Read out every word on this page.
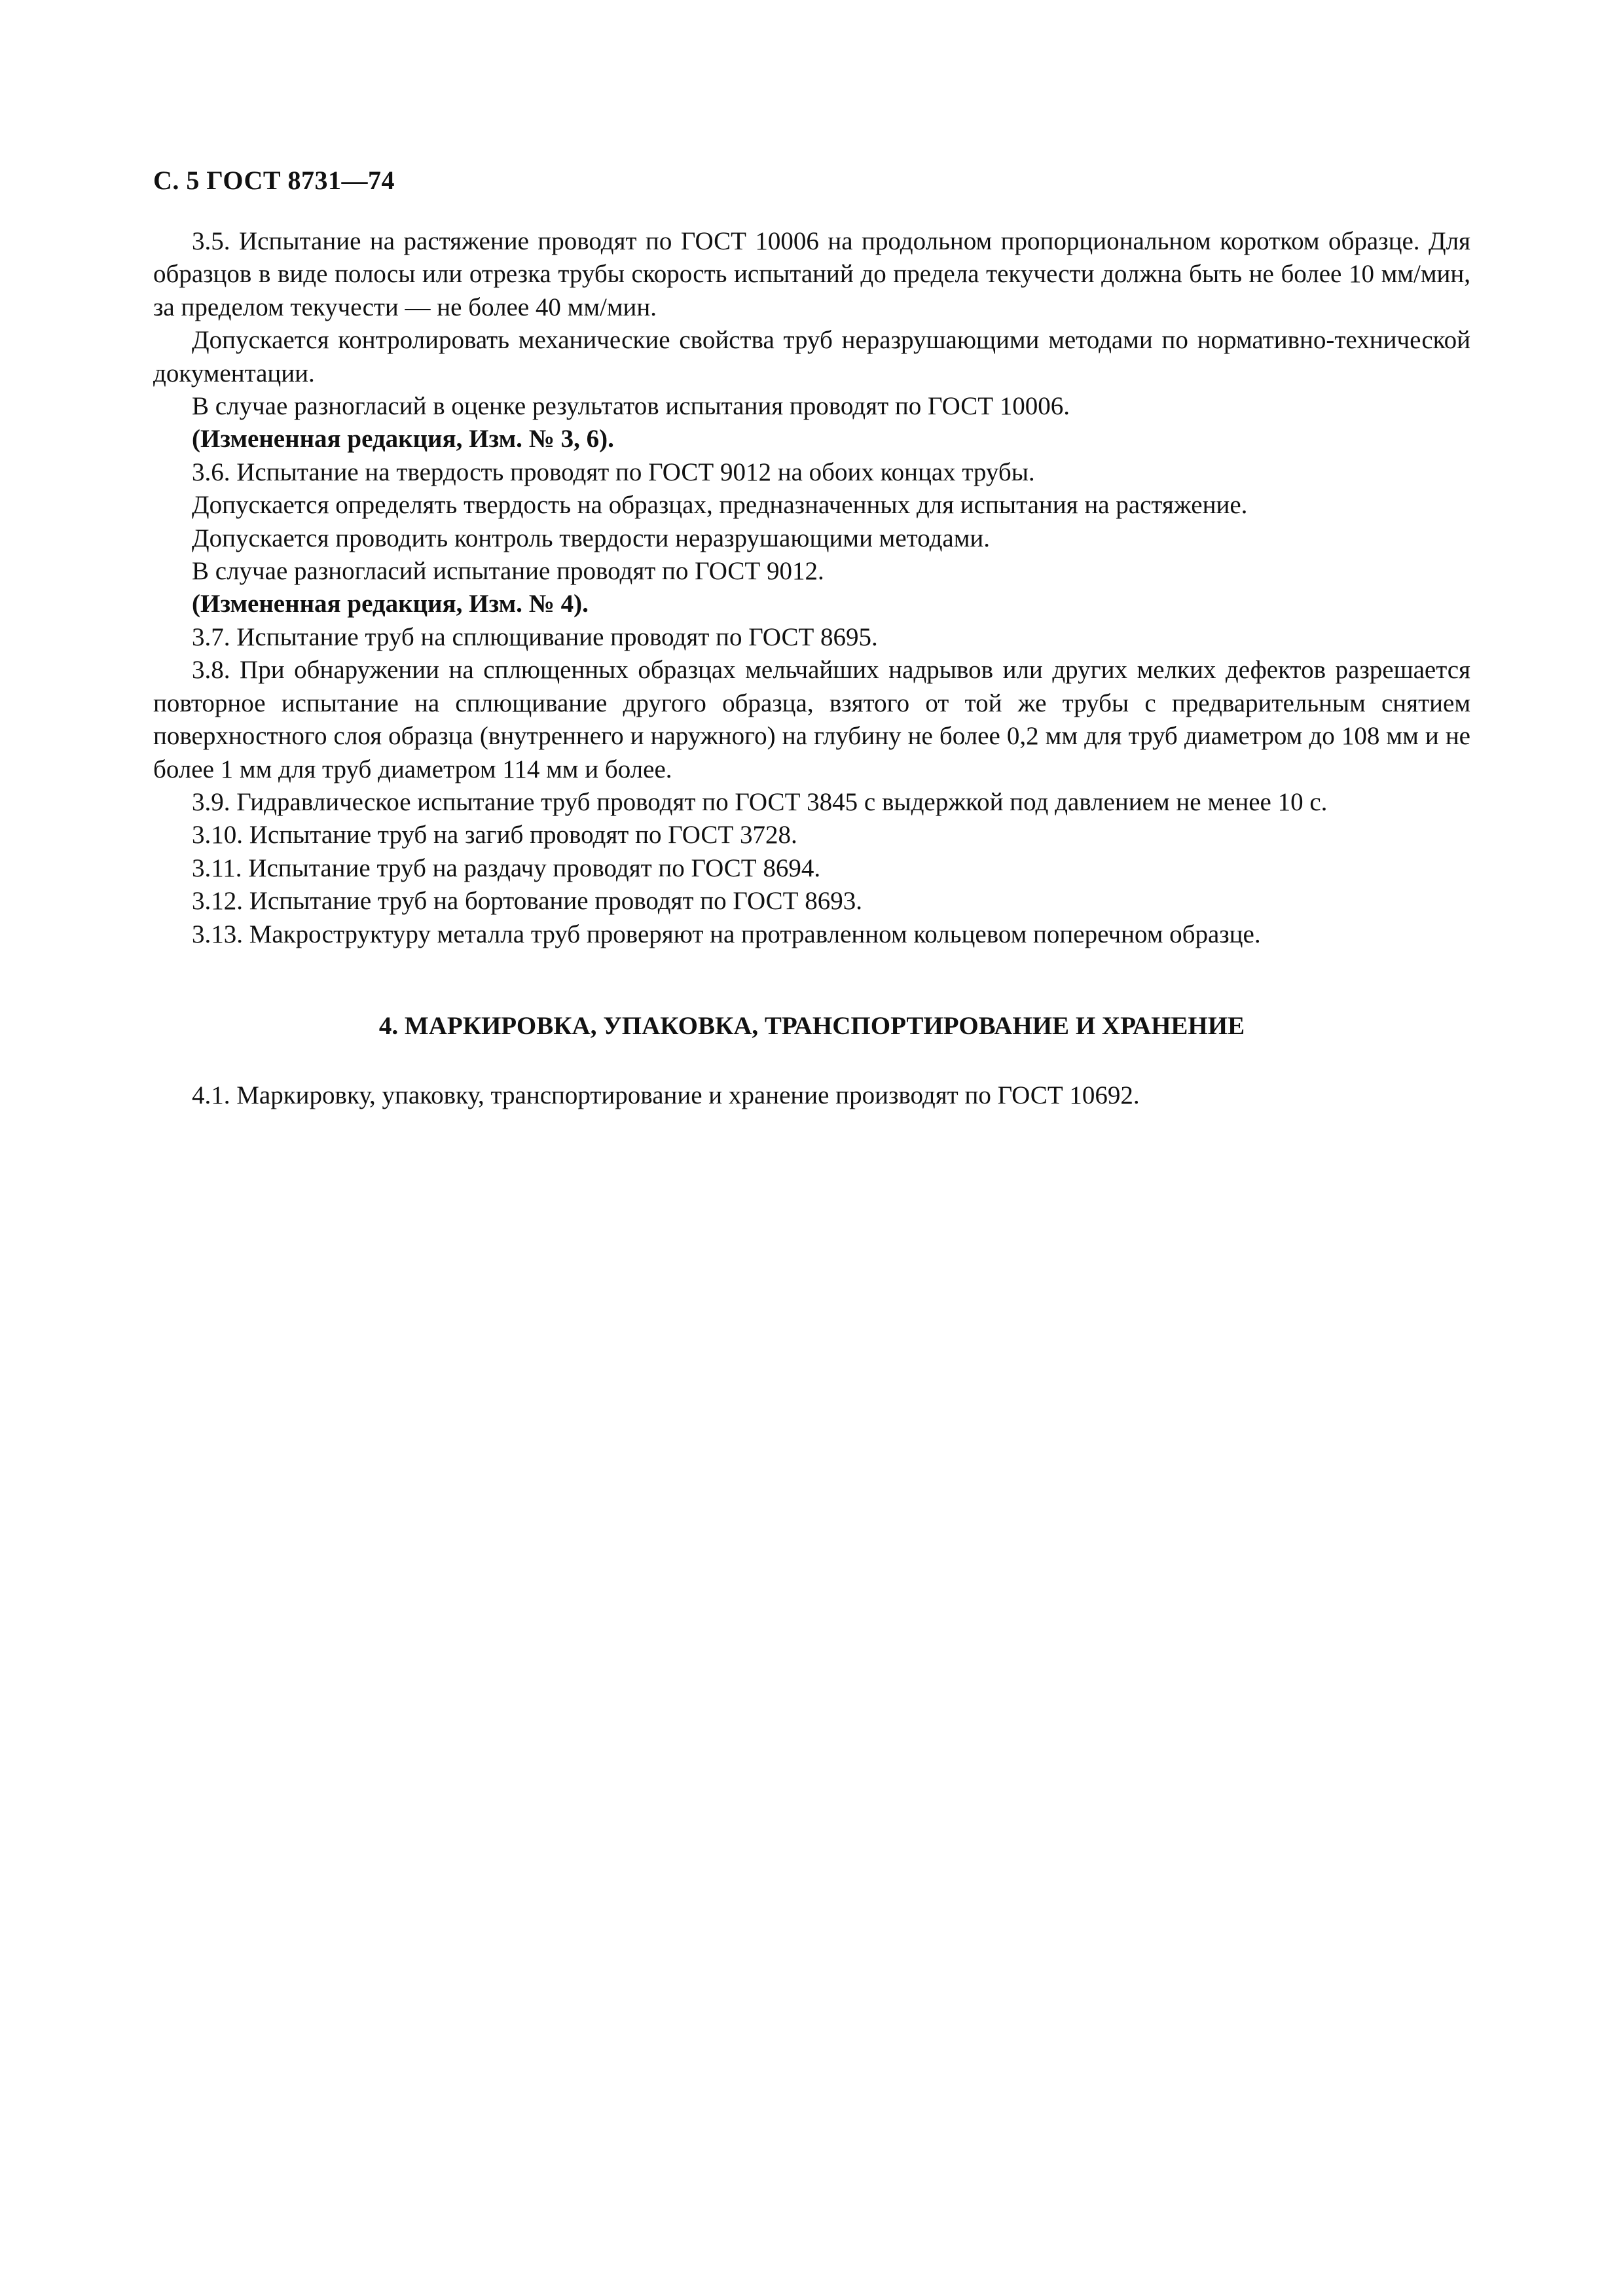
С. 5 ГОСТ 8731—74

3.5. Испытание на растяжение проводят по ГОСТ 10006 на продольном пропорциональном коротком образце. Для образцов в виде полосы или отрезка трубы скорость испытаний до предела текучести должна быть не более 10 мм/мин, за пределом текучести — не более 40 мм/мин.

Допускается контролировать механические свойства труб неразрушающими методами по нормативно-технической документации.

В случае разногласий в оценке результатов испытания проводят по ГОСТ 10006.

(Измененная редакция, Изм. № 3, 6).

3.6. Испытание на твердость проводят по ГОСТ 9012 на обоих концах трубы.

Допускается определять твердость на образцах, предназначенных для испытания на растяжение.

Допускается проводить контроль твердости неразрушающими методами.

В случае разногласий испытание проводят по ГОСТ 9012.

(Измененная редакция, Изм. № 4).

3.7. Испытание труб на сплющивание проводят по ГОСТ 8695.

3.8. При обнаружении на сплющенных образцах мельчайших надрывов или других мелких дефектов разрешается повторное испытание на сплющивание другого образца, взятого от той же трубы с предварительным снятием поверхностного слоя образца (внутреннего и наружного) на глубину не более 0,2 мм для труб диаметром до 108 мм и не более 1 мм для труб диаметром 114 мм и более.

3.9. Гидравлическое испытание труб проводят по ГОСТ 3845 с выдержкой под давлением не менее 10 с.

3.10. Испытание труб на загиб проводят по ГОСТ 3728.

3.11. Испытание труб на раздачу проводят по ГОСТ 8694.

3.12. Испытание труб на бортование проводят по ГОСТ 8693.

3.13. Макроструктуру металла труб проверяют на протравленном кольцевом поперечном образце.

4. МАРКИРОВКА, УПАКОВКА, ТРАНСПОРТИРОВАНИЕ И ХРАНЕНИЕ

4.1. Маркировку, упаковку, транспортирование и хранение производят по ГОСТ 10692.
